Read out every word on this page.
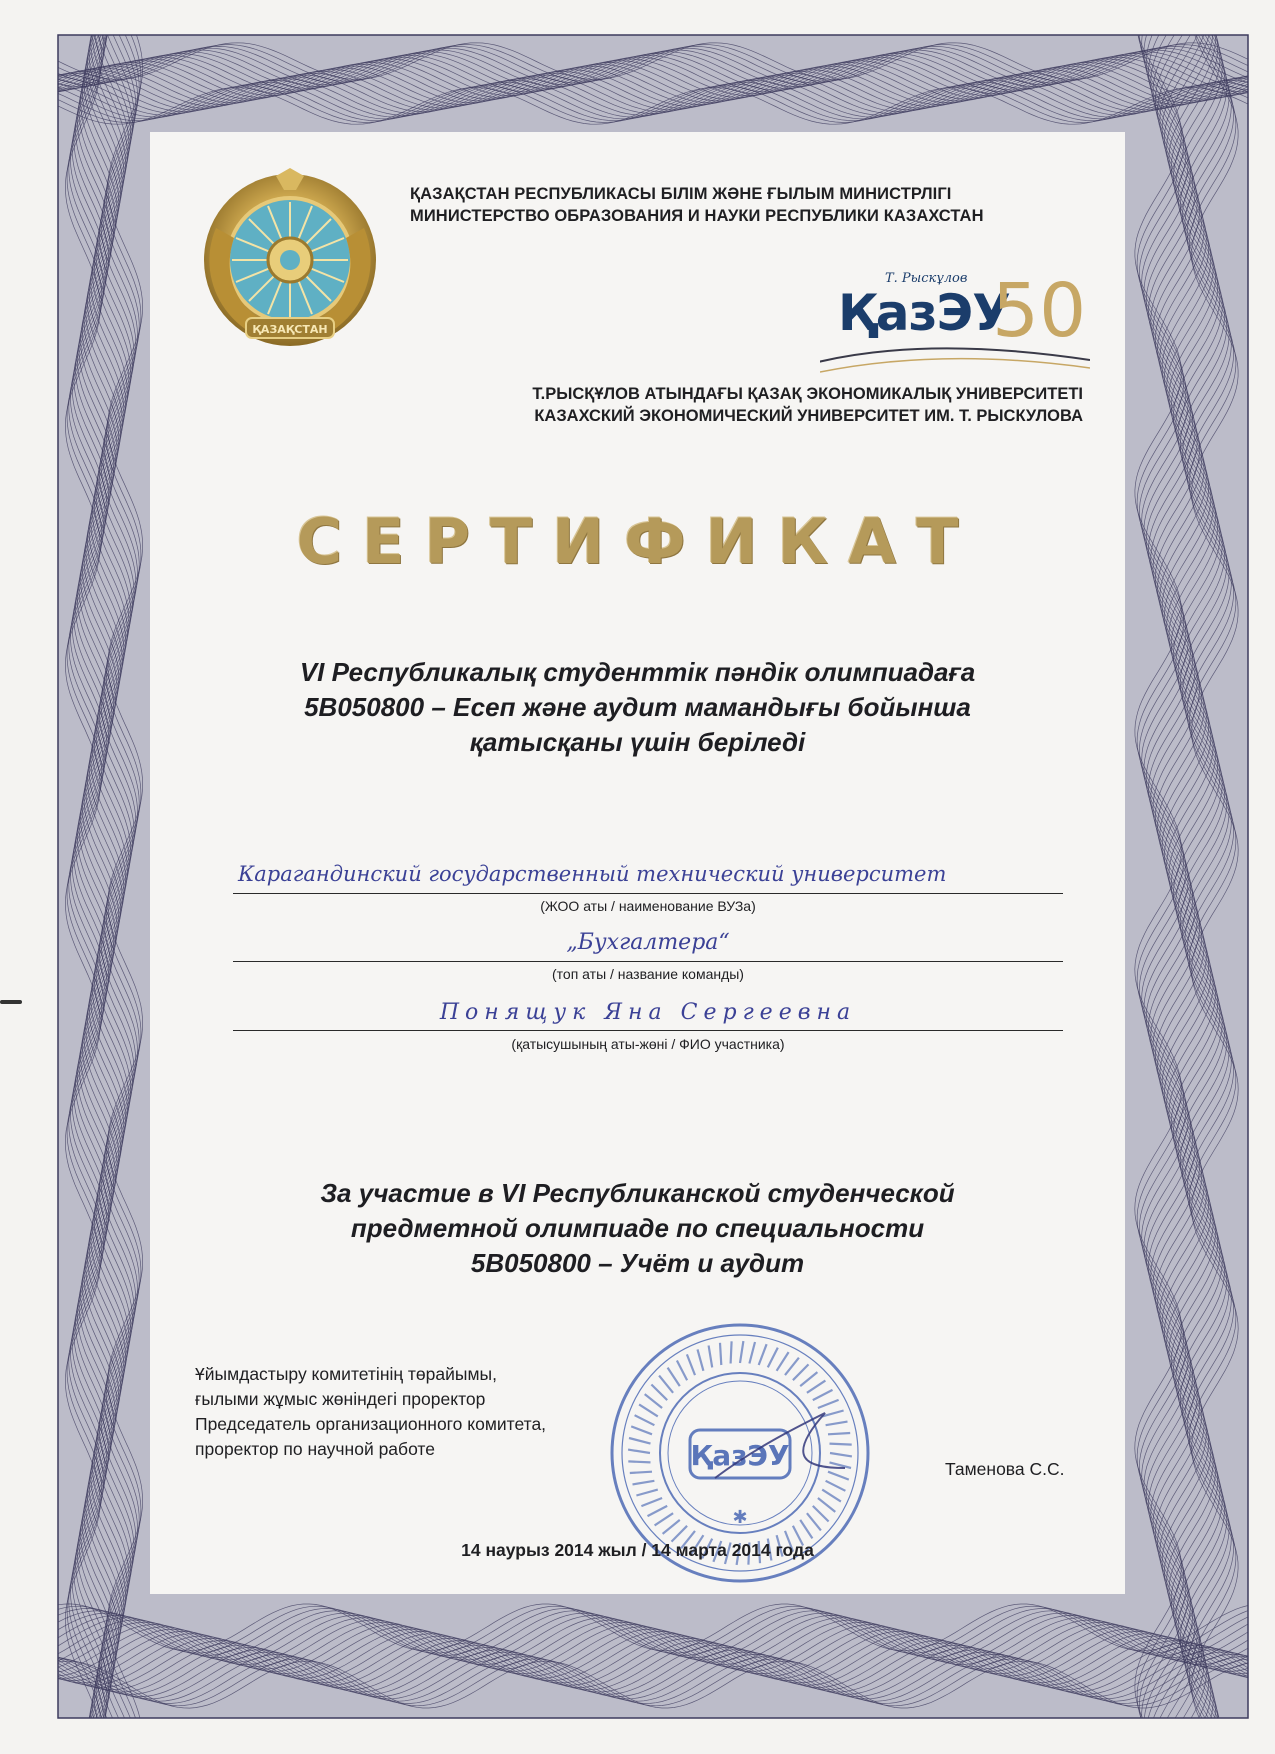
ҚАЗАҚСТАН
ҚАЗАҚСТАН РЕСПУБЛИКАСЫ БІЛІМ ЖӘНЕ ҒЫЛЫМ МИНИСТРЛІГІ
МИНИСТЕРСТВО ОБРАЗОВАНИЯ И НАУКИ РЕСПУБЛИКИ КАЗАХСТАН
Т. Рыскұлов
ҚазЭУ
50
Т.РЫСҚҰЛОВ АТЫНДАҒЫ ҚАЗАҚ ЭКОНОМИКАЛЫҚ УНИВЕРСИТЕТІ
КАЗАХСКИЙ ЭКОНОМИЧЕСКИЙ УНИВЕРСИТЕТ ИМ. Т. РЫСКУЛОВА
СЕРТИФИКАТ
VI Республикалық студенттік пәндік олимпиадаға
5B050800 – Есеп және аудит мамандығы бойынша
қатысқаны үшін беріледі
Карагандинский государственный технический университет
(ЖОО аты / наименование ВУЗа)
„Бухгалтера“
(топ аты / название команды)
Понящук Яна Сергеевна
(қатысушының аты-жөні / ФИО участника)
За участие в VI Республиканской студенческой
предметной олимпиаде по специальности
5B050800 – Учёт и аудит
ҚазЭУ
✱
Ұйымдастыру комитетінің төрайымы,
ғылыми жұмыс жөніндегі проректор
Председатель организационного комитета,
проректор по научной работе
Таменова С.С.
14 наурыз 2014 жыл / 14 марта 2014 года
